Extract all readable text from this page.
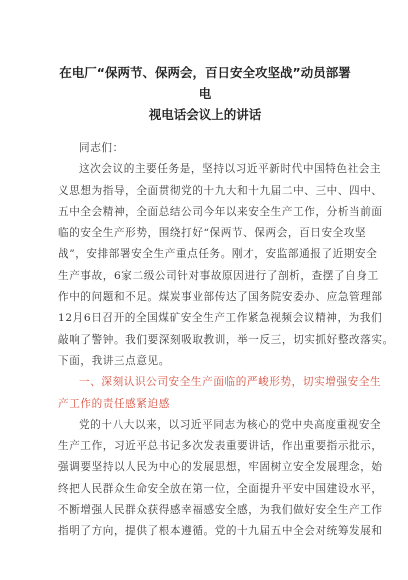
在电厂“保两节、保两会，百日安全攻坚战”动员部署电
视电话会议上的讲话
同志们：
这次会议的主要任务是，坚持以习近平新时代中国特色社会主
义思想为指导，全面贯彻党的十九大和十九届二中、三中、四中、
五中全会精神，全面总结公司今年以来安全生产工作，分析当前面
临的安全生产形势，围绕打好“保两节、保两会，百日安全攻坚
战”，安排部署安全生产重点任务。刚才，安监部通报了近期安全
生产事故，6家二级公司针对事故原因进行了剖析，查摆了自身工
作中的问题和不足。煤炭事业部传达了国务院安委办、应急管理部
12月6日召开的全国煤矿安全生产工作紧急视频会议精神，为我们
敲响了警钟。我们要深刻吸取教训，举一反三，切实抓好整改落实。
下面，我讲三点意见。
一、深刻认识公司安全生产面临的严峻形势，切实增强安全生
产工作的责任感紧迫感
党的十八大以来，以习近平同志为核心的党中央高度重视安全
生产工作，习近平总书记多次发表重要讲话，作出重要指示批示，
强调要坚持以人民为中心的发展思想，牢固树立安全发展理念，始
终把人民群众生命安全放在第一位，全面提升平安中国建设水平，
不断增强人民群众获得感幸福感安全感，为我们做好安全生产工作
指明了方向，提供了根本遵循。党的十九届五中全会对统筹发展和
